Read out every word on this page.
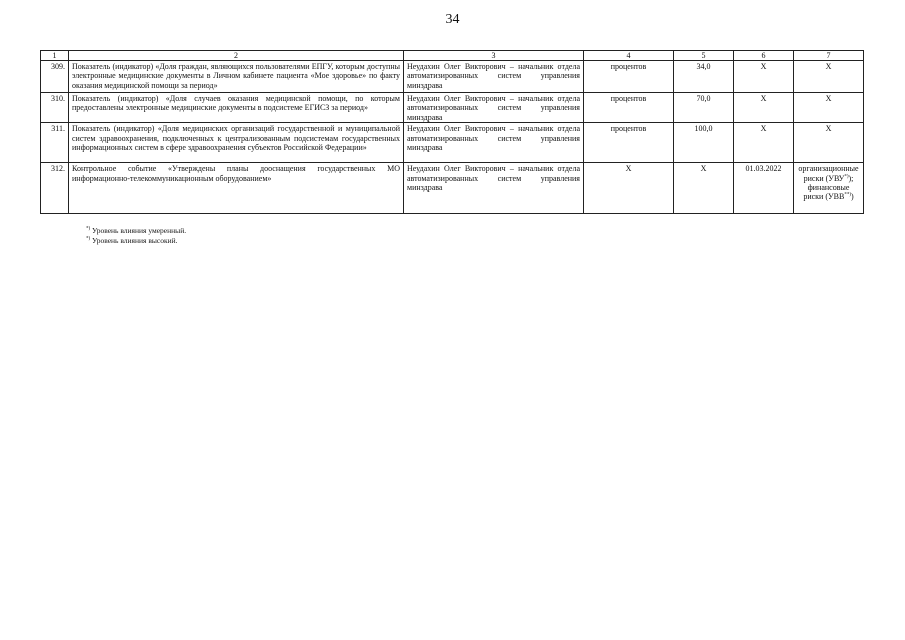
34
1	2	3	4	5	6	7
309.	Показатель (индикатор) «Доля граждан, являющихся пользователями ЕПГУ, которым доступны электронные медицинские документы в Личном кабинете пациента «Мое здоровье» по факту оказания медицинской помощи за период»	Неудахин Олег Викторович – начальник отдела автоматизированных систем управления минздрава	процентов	34,0	Х	Х
310.	Показатель (индикатор) «Доля случаев оказания медицинской помощи, по которым предоставлены электронные медицинские документы в подсистеме ЕГИСЗ за период»	Неудахин Олег Викторович – начальник отдела автоматизированных систем управления минздрава	процентов	70,0	Х	Х
311.	Показатель (индикатор) «Доля медицинских организаций государственной и муниципальной систем здравоохранения, подключенных к централизованным подсистемам государственных информационных систем в сфере здравоохранения субъектов Российской Федерации»	Неудахин Олег Викторович – начальник отдела автоматизированных систем управления минздрава	процентов	100,0	Х	Х
312.	Контрольное событие «Утверждены планы дооснащения государственных МО информационно-телекоммуникационным оборудованием»	Неудахин Олег Викторович – начальник отдела автоматизированных систем управления минздрава	Х	Х	01.03.2022	организационные риски (УВУ*)); финансовые риски (УВВ**))
*) Уровень влияния умеренный.
*) Уровень влияния высокий.
